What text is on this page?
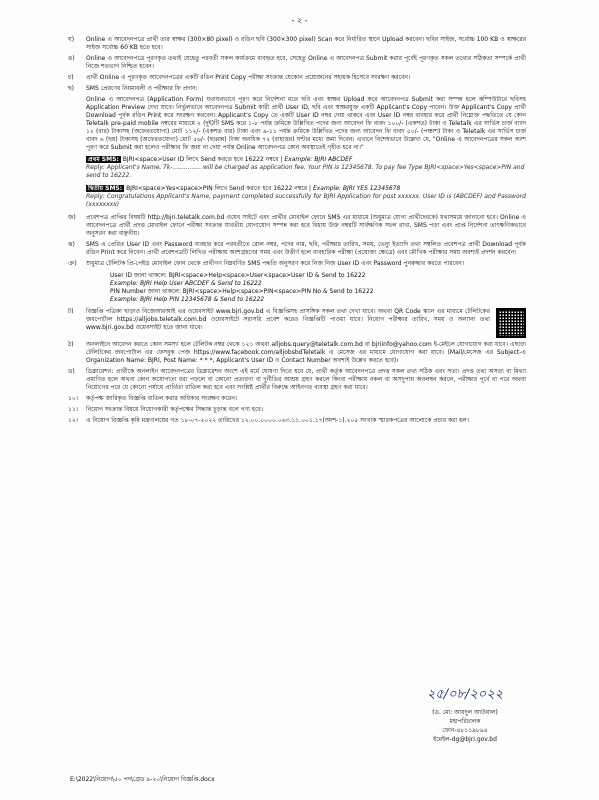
- ২ -
ঘ)	Online এ আবেদনপত্রে প্রার্থী তার স্বাক্ষর (300×80 pixel) ও রঙিন ছবি (300×300 pixel) Scan করে নির্ধারিত স্থানে Upload করবেন। ছবির সাইজ, সর্বোচ্চ 100 KB ও স্বাক্ষরের সাইজ সর্বোচ্চ 60 KB হতে হবে।
ঙ)	Online এ আবেদনপত্রে পূরণকৃত তথ্যই যেহেতু পরবর্তী সকল কার্যক্রমে ব্যবহৃত হবে, সেহেতু Online এ আবেদনপত্র Submit করার পূর্বেই পূরণকৃত সকল তথ্যের সঠিকতা সম্পর্কে প্রার্থী নিজে শতভাগ নিশ্চিত হবেন।
চ)	প্রার্থী Online এ পূরণকৃত আবেদনপত্রের একটি রঙিন Print Copy পরীক্ষা সংক্রান্ত যেকোন প্রয়োজনের সহায়ক হিসেবে সংরক্ষণ করবেন।
ছ)	SMS প্রেরণের নিয়মাবলী ও পরীক্ষার ফি প্রদান:
Online এ আবেদনপত্র (Application Form) যথাযথভাবে পূরণ করে নির্দেশনা মতে ছবি এবং স্বাক্ষর Upload করে আবেদনপত্র Submit করা সম্পন্ন হলে কম্পিউটারে ছবিসহ Application Preview দেখা যাবে। নির্ভুলভাবে আবেদনপত্র Submit কারী প্রার্থী User ID, ছবি এবং স্বাক্ষরযুক্ত একটি Applicant's Copy পাবেন। উক্ত Applicant's Copy প্রার্থী Download পূর্বক রঙিন Print করে সংরক্ষণ করবেন। Applicant's Copy তে একটি User ID নম্বর দেয়া থাকবে এবং User ID নম্বর ব্যবহার করে প্রার্থী নিম্নোক্ত পদ্ধতিতে যে কোন Teletalk pre-paid mobile নম্বরের মাধ্যমে ২ (দুই)টি SMS করে ১-৮ পর্যন্ত ক্রমিকে উল্লিখিত পদের জন্য আবেদন ফি বাবদ ১০০/- (একশত) টাকা ও Teletalk এর সার্ভিস চার্জ বাবদ ১২ (বার) টাকাসহ (অফেরতযোগ্য) মোট ১১২/- (একশত বার) টাকা এবং ৯-১১ পর্যন্ত ক্রমিকে উল্লিখিত পদের জন্য আবেদন ফি বাবদ ৫০/- (পঞ্চাশ) টাকা ও Teletalk এর সার্ভিস চার্জ বাবদ ৬ (ছয়) টাকাসহ (অফেরতযোগ্য) মোট ৫৬/- (ছাপ্পান্ন) টাকা অনধিক ৭২ (বাহাত্তর) ঘণ্টার মধ্যে জমা দিবেন। এখানে বিশেষভাবে উল্লেখ্য যে, "Online এ আবেদনপত্রের সকল অংশ পূরণ করে Submit করা হলেও পরীক্ষার ফি জমা না দেয়া পর্যন্ত Online আবেদনপত্র কোন অবস্থাতেই গৃহীত হবে না।"
প্রথম SMS: BJRI<space>User ID লিখে Send করতে হবে 16222 নম্বরে | Example: BJRI ABCDEF
Reply: Applicant's Name, Tk-............... will be charged as application fee. Your PIN is 12345678. To pay fee Type BJRI<space>Yes<space>PIN and send to 16222.
দ্বিতীয় SMS: BJRI<space>Yes<space>PIN লিখে Send করতে হবে 16222 নম্বরে | Example: BJRI YES 12345678
Reply: Congratulations Applicant's Name, payment completed successfully for BJRI Application for post xxxxxx. User ID is (ABCDEF) and Password (xxxxxxxx)
জ)	প্রবেশপত্র প্রাপ্তির বিষয়টি http://bjri.teletalk.com.bd ওয়েব সাইটে এবং প্রার্থীর মোবাইল ফোনে SMS এর মাধ্যমে (শুধুমাত্র যোগ্য প্রার্থীদেরকে) যথাসময়ে জানানো হবে। Online এ আবেদনপত্রে প্রার্থী প্রদত্ত মোবাইল ফোনে পরীক্ষা সংক্রান্ত যাবতীয় যোগাযোগ সম্পন্ন করা হবে বিধায় উক্ত নম্বরটি সার্বক্ষণিক সচল রাখা, SMS পড়া এবং প্রাপ্ত নির্দেশনা তাৎক্ষণিকভাবে অনুসরণ করা বাঞ্ছনীয়।
ঝ)	SMS এ প্রেরিত User ID এবং Password ব্যবহার করে পরবর্তীতে রোল নম্বর, পদের নাম, ছবি, পরীক্ষার তারিখ, সময়, ভেন্যু ইত্যাদি তথ্য সম্বলিত প্রবেশপত্র প্রার্থী Download পূর্বক রঙিন Print করে নিবেন। প্রার্থী প্রবেশপত্রটি লিখিত পরীক্ষায় অংশগ্রহণের সময় এবং উত্তীর্ণ হলে ব্যবহারিক পরীক্ষা (প্রযোজ্য ক্ষেত্রে) এবং মৌখিক পরীক্ষার সময় অবশ্যই প্রদর্শন করবেন।
ঞ)	শুধুমাত্র টেলিটক প্রি-পেইড মোবাইল ফোন থেকে প্রার্থীগণ নিম্নবর্ণিত SMS পদ্ধতি অনুসরণ করে নিজ নিজ User ID এবং Password পুনরুদ্ধার করতে পারবেন।
User ID জানা থাকলে: BJRI<space>Help<space>User<space>User ID & Send to 16222
Example: BJRI Help User ABCDEF & Send to 16222
PIN Number জানা থাকলে: BJRI<space>Help<space>PIN<space>PIN No & Send to 16222
Example: BJRI Help PIN 12345678 & Send to 16222
ট)	বিজ্ঞপ্তি পত্রিকা ছাড়াও বিজেআরআই এর ওয়েবসাইট www.bjri.gov.bd এ বিজ্ঞপ্তিসহ প্রাসঙ্গিক সকল তথ্য দেখা যাবে। অথবা QR Code স্ক্যান এর মাধ্যমে টেলিটকের জবপোর্টাল https://alljobs.teletalk.com.bd ওয়েবসাইটে সরাসরি প্রবেশ করেও বিজ্ঞপ্তিটি পাওয়া যাবে। নিয়োগ পরীক্ষার তারিখ, সময় ও অন্যান্য তথ্য www.bjri.gov.bd ওয়েবসাইট হতে জানা যাবে।
ঠ)	অনলাইনে আবেদন করতে কোন সমস্যা হলে টেলিটক নম্বর থেকে ১২১ অথবা alljobs.query@teletalk.com.bd বা bjriinfo@yahoo.com ই-মেইলে যোগাযোগ করা যাবে। এছাড়া টেলিটকের জবপোর্টাল এর ফেসবুক পেজ https://www.facebook.com/alljobsbdTeletalk এ মেসেজ এর মাধ্যমে যোগাযোগ করা যাবে। (Mail/মেসেজ এর Subject-এ Organization Name: BJRI, Post Name: * * *, Applicant's User ID ও Contact Number অবশ্যই উল্লেখ করতে হবে)।
ড)	ডিক্লারেশন: প্রার্থীকে অনলাইন আবেদনপত্রের ডিক্লারেশন অংশে এই মর্মে ঘোষণা দিতে হবে যে, প্রার্থী কর্তৃক আবেদনপত্রে প্রদত্ত সকল তথ্য সঠিক এবং সত্য। প্রদত্ত তথ্য অসত্য বা মিথ্যা প্রমাণিত হলে অথবা কোন অযোগ্যতা ধরা পড়লে বা কোনো প্রতারণা বা দুর্নীতির আশ্রয় গ্রহণ করলে কিংবা পরীক্ষায় নকল বা অসদুপায় অবলম্বন করলে, পরীক্ষার পূর্বে বা পরে অথবা নিয়োগের পরে যে কোনো পর্যায়ে প্রার্থিতা বাতিল করা হবে এবং সংশ্লিষ্ট প্রার্থীর বিরুদ্ধে আইনগত ব্যবস্থা গ্রহণ করা যাবে।
১০।	কর্তৃপক্ষ জারিকৃত বিজ্ঞপ্তি বাতিল করার অধিকার সংরক্ষণ করেন।
১১।	নিয়োগ সংক্রান্ত বিষয়ে নিয়োগকারী কর্তৃপক্ষের সিদ্ধান্ত চূড়ান্ত বলে গণ্য হবে।
১২।	এ নিয়োগ বিজ্ঞপ্তি কৃষি মন্ত্রণালয়ের গত ১৮-০৭-২০২২ তারিখের ১২.০০.০০০০.০৬৩.১১.০০১.১৭(অংশ-১).২০৫ সংখ্যক স্মারকপত্রের আলোকে প্রচার করা হল।
২৫/০৮/২০২২
(ড. মো: আবদুল আউয়াল)
মহাপরিচালক
ফোন-৪৮১১৯৮৯৪
ইমেইল-dg@bjri.gov.bd
E:\2022\নিয়োগ\৫০ পদ\গ্রেড ৯-২০\নিয়োগ বিজ্ঞপ্তি.docx
